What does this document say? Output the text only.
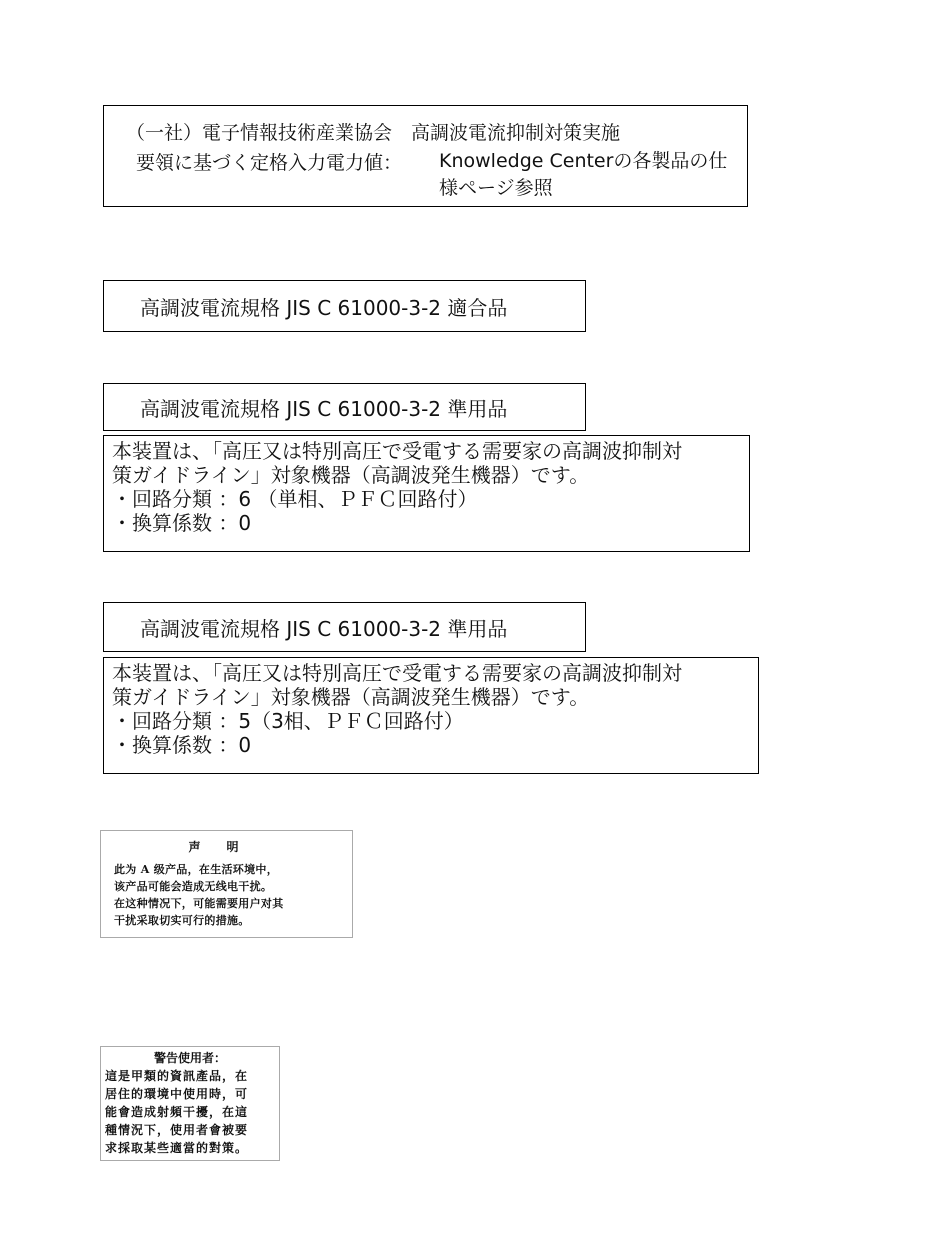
（一社）電子情報技術産業協会　高調波電流抑制対策実施
要領に基づく定格入力電力値： Knowledge Centerの各製品の仕様ページ参照
高調波電流規格 JIS C 61000-3-2 適合品
高調波電流規格 JIS C 61000-3-2 準用品
本装置は、「高圧又は特別高圧で受電する需要家の高調波抑制対
策ガイドライン」対象機器（高調波発生機器）です。
・回路分類 ：6 （単相、ＰＦＣ回路付）
・換算係数 ：0
高調波電流規格 JIS C 61000-3-2 準用品
本装置は、「高圧又は特別高圧で受電する需要家の高調波抑制対
策ガイドライン」対象機器（高調波発生機器）です。
・回路分類 ：5（3相、ＰＦＣ回路付）
・換算係数 ：0
声明
此为 A 级产品，在生活环境中，
该产品可能会造成无线电干扰。
在这种情况下，可能需要用户对其
干扰采取切实可行的措施。
警告使用者：
這是甲類的資訊產品，在
居住的環境中使用時，可
能會造成射頻干擾，在這
種情況下，使用者會被要
求採取某些適當的對策。
